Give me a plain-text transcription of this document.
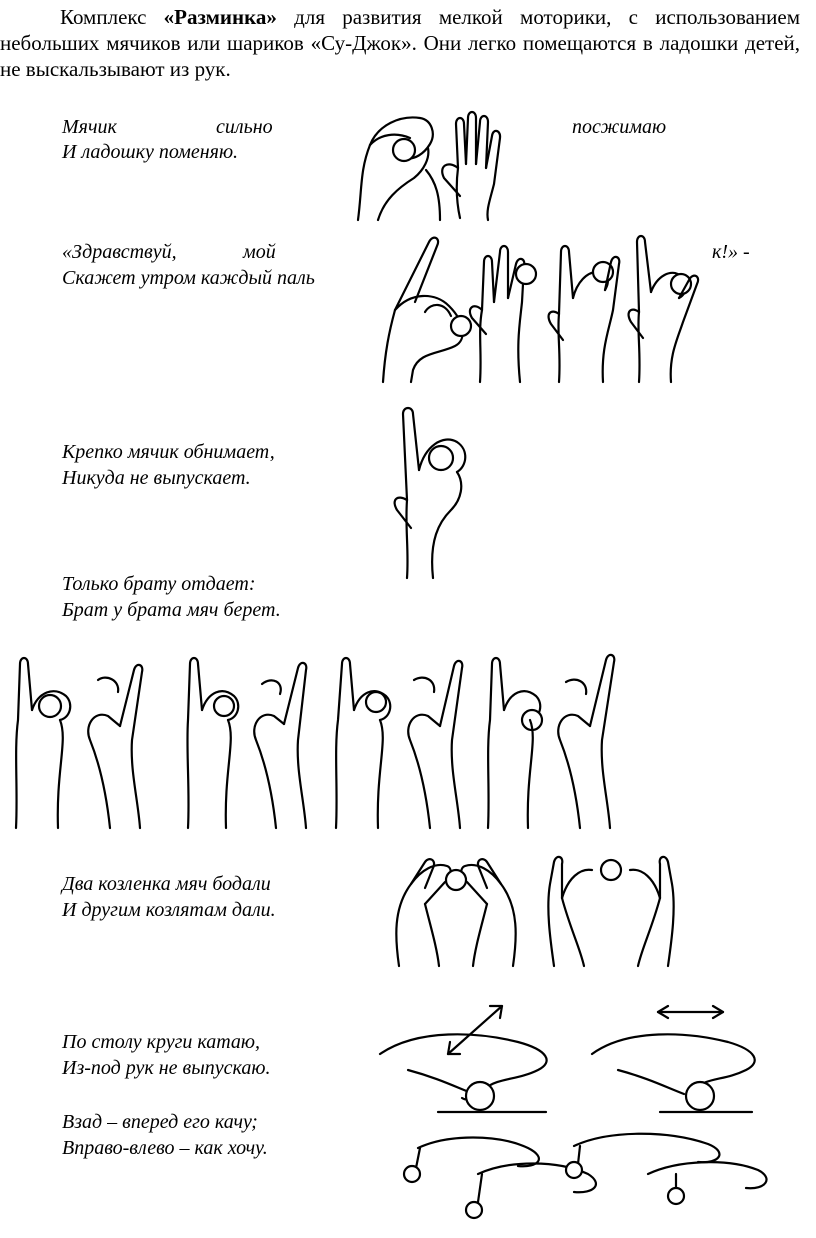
Комплекс «Разминка» для развития мелкой моторики, с использованием небольших мячиков или шариков «Су-Джок». Они легко помещаются в ладошки детей, не выскальзывают из рук.
Мячик	сильно	посжимаю
И ладошку поменяю.
«Здравствуй,	мой	к!» -
Скажет утром каждый паль
Крепко мячик обнимает,
Никуда не выпускает.
Только брату отдает:
Брат у брата мяч берет.
Два козленка мяч бодали
И другим козлятам дали.
По столу круги катаю,
Из-под рук не выпускаю.
Взад – вперед его качу;
Вправо-влево – как хочу.
